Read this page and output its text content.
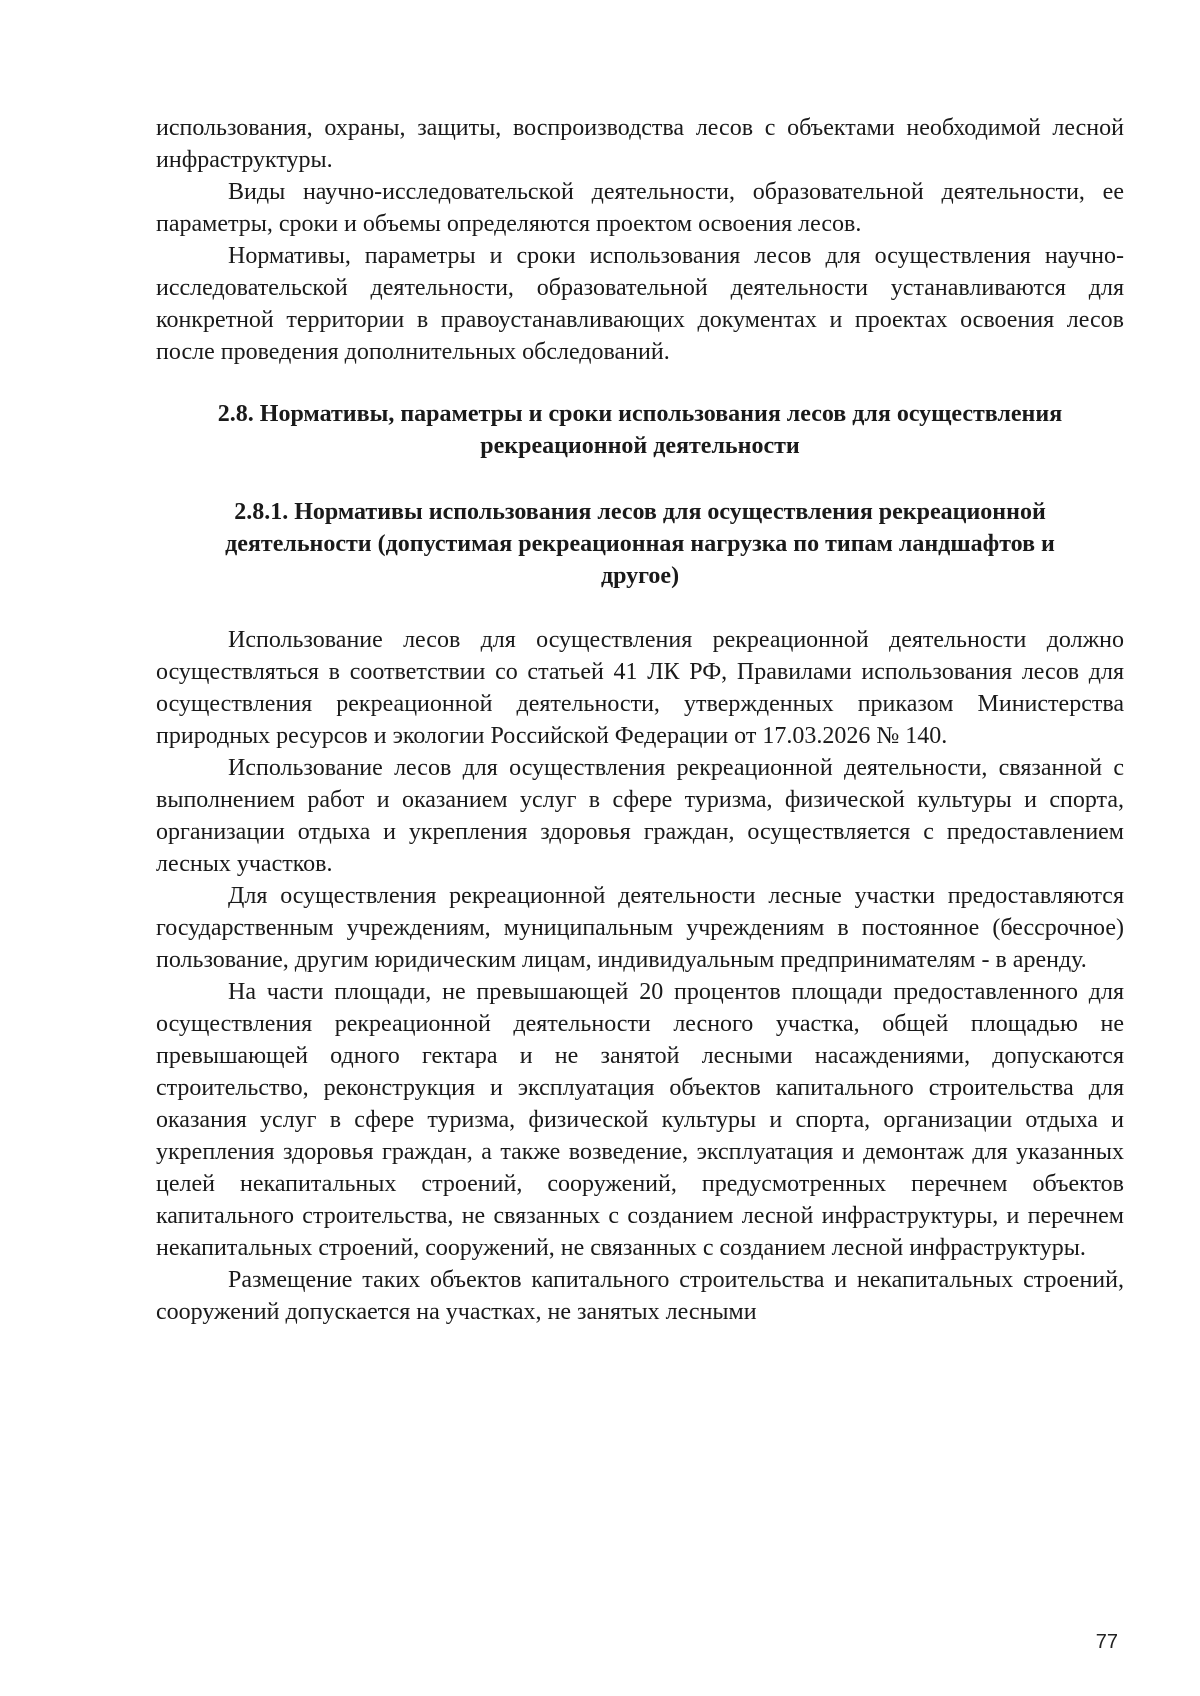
использования, охраны, защиты, воспроизводства лесов с объектами необходимой лесной инфраструктуры.

Виды научно-исследовательской деятельности, образовательной деятельности, ее параметры, сроки и объемы определяются проектом освоения лесов.

Нормативы, параметры и сроки использования лесов для осуществления научно-исследовательской деятельности, образовательной деятельности устанавливаются для конкретной территории в правоустанавливающих документах и проектах освоения лесов после проведения дополнительных обследований.

2.8. Нормативы, параметры и сроки использования лесов для осуществления рекреационной деятельности
2.8.1. Нормативы использования лесов для осуществления рекреационной деятельности (допустимая рекреационная нагрузка по типам ландшафтов и другое)

Использование лесов для осуществления рекреационной деятельности должно осуществляться в соответствии со статьей 41 ЛК РФ, Правилами использования лесов для осуществления рекреационной деятельности, утвержденных приказом Министерства природных ресурсов и экологии Российской Федерации от 17.03.2026 № 140.

Использование лесов для осуществления рекреационной деятельности, связанной с выполнением работ и оказанием услуг в сфере туризма, физической культуры и спорта, организации отдыха и укрепления здоровья граждан, осуществляется с предоставлением лесных участков.

Для осуществления рекреационной деятельности лесные участки предоставляются государственным учреждениям, муниципальным учреждениям в постоянное (бессрочное) пользование, другим юридическим лицам, индивидуальным предпринимателям - в аренду.

На части площади, не превышающей 20 процентов площади предоставленного для осуществления рекреационной деятельности лесного участка, общей площадью не превышающей одного гектара и не занятой лесными насаждениями, допускаются строительство, реконструкция и эксплуатация объектов капитального строительства для оказания услуг в сфере туризма, физической культуры и спорта, организации отдыха и укрепления здоровья граждан, а также возведение, эксплуатация и демонтаж для указанных целей некапитальных строений, сооружений, предусмотренных перечнем объектов капитального строительства, не связанных с созданием лесной инфраструктуры, и перечнем некапитальных строений, сооружений, не связанных с созданием лесной инфраструктуры.

Размещение таких объектов капитального строительства и некапитальных строений, сооружений допускается на участках, не занятых лесными

77
